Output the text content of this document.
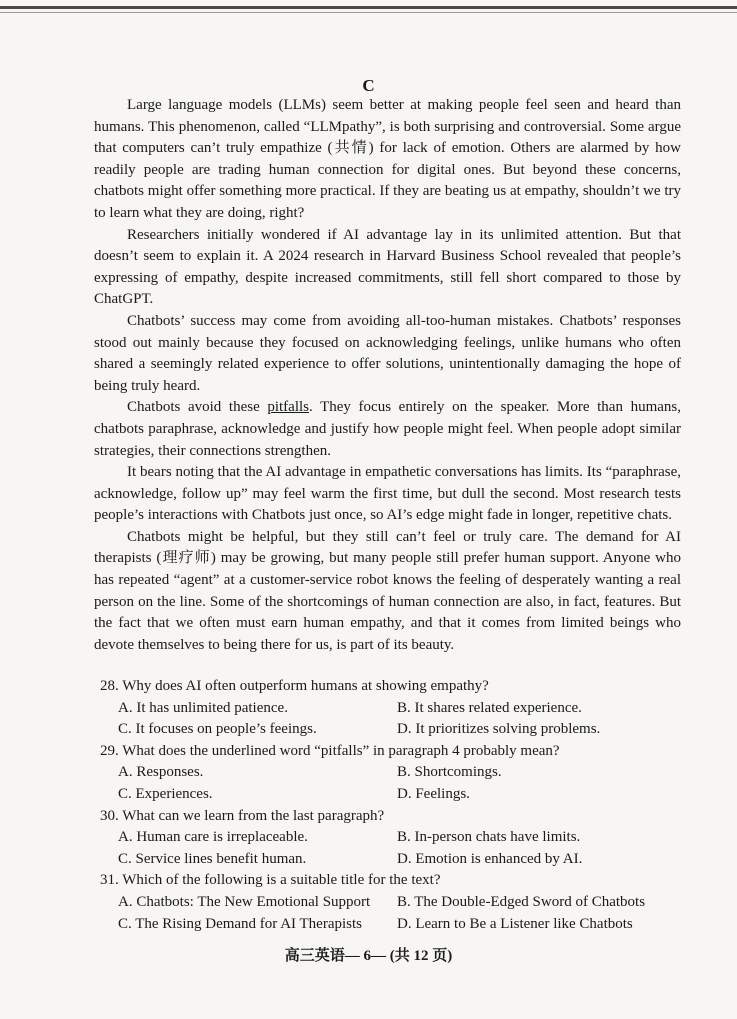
C

Large language models (LLMs) seem better at making people feel seen and heard than humans. This phenomenon, called “LLMpathy”, is both surprising and controversial. Some argue that computers can’t truly empathize (共情) for lack of emotion. Others are alarmed by how readily people are trading human connection for digital ones. But beyond these concerns, chatbots might offer something more practical. If they are beating us at empathy, shouldn’t we try to learn what they are doing, right?

Researchers initially wondered if AI advantage lay in its unlimited attention. But that doesn’t seem to explain it. A 2024 research in Harvard Business School revealed that people’s expressing of empathy, despite increased commitments, still fell short compared to those by ChatGPT.

Chatbots’ success may come from avoiding all-too-human mistakes. Chatbots’ responses stood out mainly because they focused on acknowledging feelings, unlike humans who often shared a seemingly related experience to offer solutions, unintentionally damaging the hope of being truly heard.

Chatbots avoid these pitfalls. They focus entirely on the speaker. More than humans, chatbots paraphrase, acknowledge and justify how people might feel. When people adopt similar strategies, their connections strengthen.

It bears noting that the AI advantage in empathetic conversations has limits. Its “paraphrase, acknowledge, follow up” may feel warm the first time, but dull the second. Most research tests people’s interactions with Chatbots just once, so AI’s edge might fade in longer, repetitive chats.

Chatbots might be helpful, but they still can’t feel or truly care. The demand for AI therapists (理疗师) may be growing, but many people still prefer human support. Anyone who has repeated “agent” at a customer-service robot knows the feeling of desperately wanting a real person on the line. Some of the shortcomings of human connection are also, in fact, features. But the fact that we often must earn human empathy, and that it comes from limited beings who devote themselves to being there for us, is part of its beauty.

28. Why does AI often outperform humans at showing empathy?

A. It has unlimited patience.	B. It shares related experience.
C. It focuses on people’s feeings.	D. It prioritizes solving problems.

29. What does the underlined word “pitfalls” in paragraph 4 probably mean?

A. Responses.	B. Shortcomings.
C. Experiences.	D. Feelings.

30. What can we learn from the last paragraph?

A. Human care is irreplaceable.	B. In-person chats have limits.
C. Service lines benefit human.	D. Emotion is enhanced by AI.

31. Which of the following is a suitable title for the text?

A. Chatbots: The New Emotional Support	B. The Double-Edged Sword of Chatbots
C. The Rising Demand for AI Therapists	D. Learn to Be a Listener like Chatbots
高三英语— 6— (共 12 页)
